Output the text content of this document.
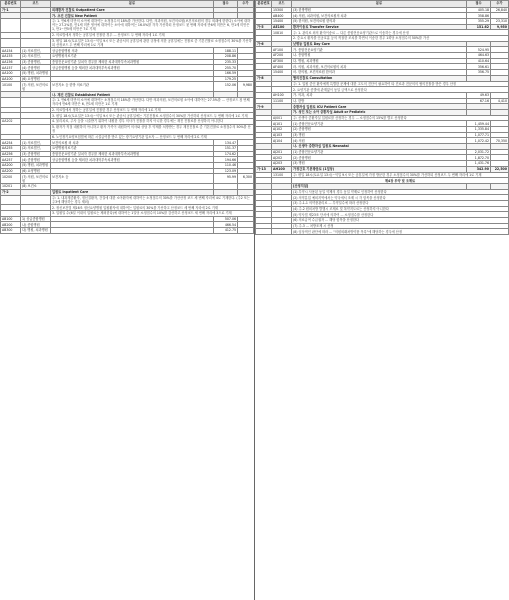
분류번호	코드	분류	점수	수가
가-1		외래환자 진찰료 Outpatient Care		
		가. 초진 진찰료 New Patient		
		주: 1. 만6세 미만의 소아에 대하여는 소정점수의 18%를 가산한다. 다만, 의과의원, 보건의료원(보건의료원의 경우 외래에 한한다) 소아에 대하여는 27.2%를, 만1세 미만 영아에 대하여는 소아에 대하여는 16.0%를 각각 가산하되 산정코드 첫 번째 자리에 만6세 미만은 6, 만1세 미만은 1, 만1~만5세 미만은 7로 기재		
		2. 의료법에서 정하는 공휴일에 진찰한 경우 ... 산정코드 두 번째 자리에 1로 기재		
		3. 평일 18시(토요일은 13시)~익일 9시 또는 관공서의 공휴일에 관한 규정에 의한 공휴일에는 진찰료 중 기본진찰료 소정점수의 30%를 가산하되 산정코드 두 번째 자리에 1로 기재		
AA154	(1) 의료법인,	상급종합병원 의과	188.11	
AA155	(2) 의료법인,	요양병원의료기관	208.86	
AA156	(3) 종합병원,	종합전문요양기관 설치자 경우를 제외한 치과대학부속치과병원	235.33	
AA157	(4) 종합병원	상급종합병원 등을 제외한 치과대학부속치과병원	255.70	
AA100	(5) 병원, 치과병원		166.59	
AA100	(6) 요양병원		179.25	
10100	(7) 의원, 보건의료원	보건지소 등 한방 의료기관	152.06	9,980
		나. 재진 진찰료 Established Patient		
		주: 1. 만6세 미만의 소아에 대하여는 소정점수의 18%를 가산한다. 다만 의과의원, 보건의료원 소아에 대하여는 27.5%를 ... 산정코드 첫 번째 자리에 만6세 미만은 6, 만1세 미만은 1로 기재		
		2. 의료법에서 정하는 공휴일에 진찰한 경우 산정코드 두 번째 자리에 1로 기재		
		3. 평일 18시(토요일은 13시)~익일 9시 또는 관공서 공휴일에는 기본진찰료 소정점수의 30%를 가산하되 산정코드 두 번째 자리에 1로 기재		
AA202		4. 물리치료, 주사 등을 시술받기 위하여 내원한 경우 의사가 진찰을 하지 아니한 경우에는 재진 진찰료를 산정하지 아니한다		
		5. 환자가 직접 내원하지 아니하고 환자 가족이 내원하여 의사와 상담 후 약제를 처방받는 경우 재진진찰료 중 기본진찰료 소정점수의 50%를 산정		
		6. 노인장기요양보험법에 따른 시설급여를 받고 있는 장기요양기관 입소자 ... 산정코드 두 번째 자리에 2로 기재		
AA254	(1) 의료법인,	보건의료원 외 치과	134.47	
AA255	(2) 의료법인,	요양병원의료기관	151.37	
AA256	(3) 종합병원	종합전문요양기관 설치자 경우를 제외한 치과대학부속치과병원	174.62	
AA257	(4) 종합병원	상급종합병원 등을 제외한 치과대학부속치과병원	194.66	
AA200	(5) 병원, 치과병원		110.46	
AA200	(6) 요양병원		123.09	
10200	(7) 의원, 보건의료원	보건지소 등	95.99	6,300
10201	(8) 보건소			
가-2		입원료 Inpatient Care		
		주: 1. 내과계중환자, 정신질환자, 간질에 대한 소아환자에 대하여는 소정점수의 30%를 가산산정 코드 세 번째 자리에 4로 기재한다. (주2 또는 주3에 해당하는 경우 제외)		
		2. 정신보건법 제16조 정신요양병원 입원환자에 대하여는 입원료의 30%를 가산하고 산정코드 세 번째 자리에 2로 기재		
		3. 입원일 수(6일 이내의 입원료는 제외한다)에 대하여는 1일당 소정점수의 10%를 감산하고 산정코드 세 번째 자리에 3으로 기재		
AB100	1) 상급종합병원		507.06	
AB200	나) 종합병원		466.54	
AB300	다) 병원, 치과병원		412.75	
분류번호	코드	분류	점수	수가
	15300	(3) 한방병원	405.18	26,840
	AB400	(4) 의원, 치과의원, 보건의료원의 치과	358.86	
	15400	(5) 한의원, 보건의료원 한의과	355.29	23,310
가-5	AE100	환자이송료 Transfer Service	151.62	9,950
	10810	주: 1. 관리료 외의 환자이송료 ... 다른 종합전문요양기관으로 이송하는 경우에 산정		
		2. 중요시 환자를 인공호흡 등의 적절한 조치를 하면서 이송한 경우 1회당 소정점수의 50%를 가산		
가-6		낮병동 입원료 Day Care		
	AF100	가. 종합전문요양기관	524.95	
	AF200	나. 종합병원	464.63	
	AF300	다. 병원, 치과병원	410.64	
	AF400	라. 의원, 치과의원, 보건의료원의 치과	356.61	
	15400	마. 한의원, 보건의료원 한의과	356.75	
가-8		협의진찰료 Consultation		
		주: 1. 입원 중인 환자에게 특별한 문제에 대한 고도의 진단이 필요하여 타 진료과 전문의의 협의진찰을 받은 경우 산정		
		2. 요양기관 종별에 관계없이 동일 금액으로 산정한다		
	AH100	가. 의과, 치과	49.63	
	11100	나. 한방	67.16	4,410
가-9		중환자실 입원료 ICU Patient Care		
		가. 성인 또는 소아 중환자실 Adult or Pediatric		
	AJ001	주: 신생아 중환자실 입원료를 산정하는 경우 ... 소정점수의 15%를 별도 산정한다		
	AJ101	(1) 종합전문요양기관	1,459.44	
	AJ102	(2) 종합병원	1,335.84	
	AJ103	(3) 병원	1,077.71	
	AJ104	(4) 의원	1,072.42	70,350
		나. 신생아 중환자실 입원료 Neonatal		
	AJ201	(1) 종합전문요양기관	2,031.72	
	AJ202	(2) 종합병원	1,872.70	
	AJ203	(3) 병원	1,431.76	
가-13	AH100	가정간호 기본방문료 (1일당)	342.90	22,500
	13100	주: 평일 18시(토요일 13시)~익일 9시 또는 공휴일에 가정 방문한 경우 소정점수의 30%를 가산하되 산정코드 두 번째 자리에 1로 기재		
		제4장 투약 및 조제료		
		[산정지침]		
		(1) 투약시 사용된 동일 약제의 경우 동일 약제로 인정하여 산정한다		
		(2) 의약분업 예외지역에서는 약국에서 조제 시 각 항목을 산정한다		
		(3) 주-1-1 의약품관리료 ... 투약일수에 따라 산정한다		
		(4) 주-2 원외처방 발행시 조제료 및 복약지도료는 산정하지 아니한다		
		(5) 약사법 제23조 단서에 의하여 ... 소정점수를 산정한다		
		(6) 의료급여 수급권자 ... 해당 항목을 산정한다		
		(7) 주-3 ... 처방조제 시 산정		
		(8) 임상적인 판단에 따라 ... "의원외래처방약품 목록"에 해당하는 경우에 산정		
